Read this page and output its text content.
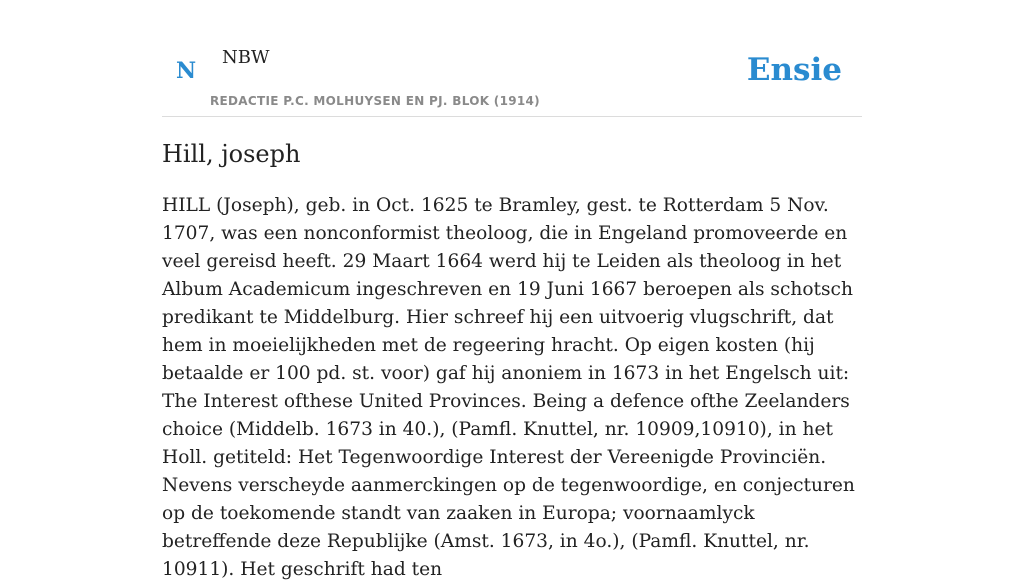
N
NBW
REDACTIE P.C. MOLHUYSEN EN PJ. BLOK (1914)
Ensie
Hill, joseph

HILL (Joseph), geb. in Oct. 1625 te Bramley, gest. te Rotterdam 5 Nov. 1707, was een nonconformist theoloog, die in Engeland promoveerde en veel gereisd heeft. 29 Maart 1664 werd hij te Leiden als theoloog in het Album Academicum ingeschreven en 19 Juni 1667 beroepen als schotsch predikant te Middelburg. Hier schreef hij een uitvoerig vlugschrift, dat hem in moeielijkheden met de regeering hracht. Op eigen kosten (hij betaalde er 100 pd. st. voor) gaf hij anoniem in 1673 in het Engelsch uit: The Interest ofthese United Provinces. Being a defence ofthe Zeelanders choice (Middelb. 1673 in 40.), (Pamfl. Knuttel, nr. 10909,10910), in het Holl. getiteld: Het Tegenwoordige Interest der Vereenigde Provinciën. Nevens verscheyde aanmerckingen op de tegenwoordige, en conjecturen op de toekomende standt van zaaken in Europa; voornaamlyck betreffende deze Republijke (Amst. 1673, in 4o.), (Pamfl. Knuttel, nr. 10911). Het geschrift had ten
